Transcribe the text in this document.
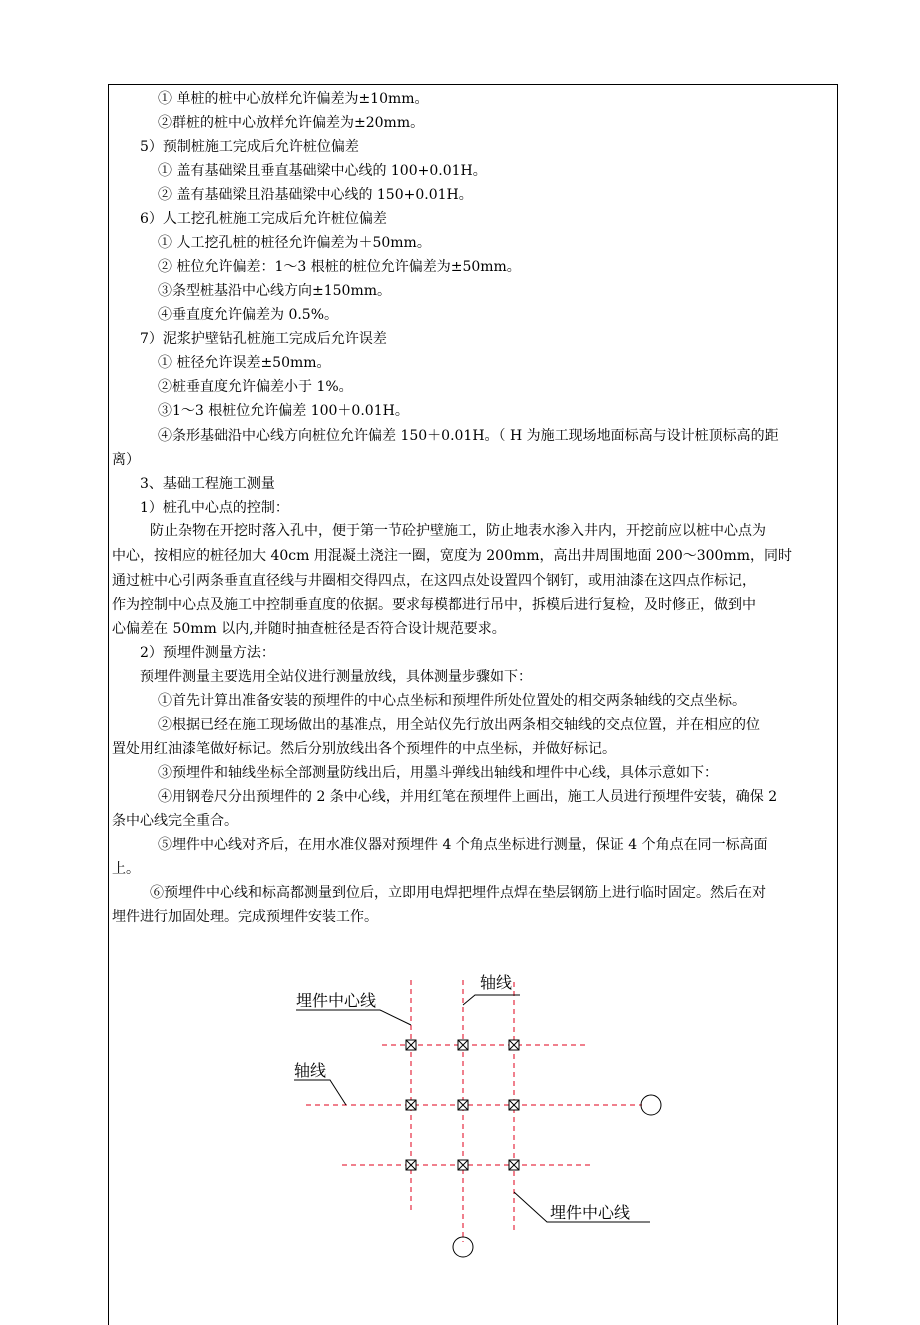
① 单桩的桩中心放样允许偏差为±10mm。
②群桩的桩中心放样允许偏差为±20mm。
5）预制桩施工完成后允许桩位偏差
① 盖有基础梁且垂直基础梁中心线的 100+0.01H。
② 盖有基础梁且沿基础梁中心线的 150+0.01H。
6）人工挖孔桩施工完成后允许桩位偏差
① 人工挖孔桩的桩径允许偏差为＋50mm。
② 桩位允许偏差：1～3 根桩的桩位允许偏差为±50mm。
③条型桩基沿中心线方向±150mm。
④垂直度允许偏差为 0.5%。
7）泥浆护壁钻孔桩施工完成后允许误差
① 桩径允许误差±50mm。
②桩垂直度允许偏差小于 1%。
③1～3 根桩位允许偏差 100＋0.01H。
④条形基础沿中心线方向桩位允许偏差 150＋0.01H。（ H 为施工现场地面标高与设计桩顶标高的距
离）
3、基础工程施工测量
1）桩孔中心点的控制：
防止杂物在开挖时落入孔中，便于第一节砼护壁施工，防止地表水渗入井内，开挖前应以桩中心点为
中心，按相应的桩径加大 40cm 用混凝土浇注一圈，宽度为 200mm，高出井周围地面 200～300mm，同时
通过桩中心引两条垂直直径线与井圈相交得四点，在这四点处设置四个钢钉，或用油漆在这四点作标记，
作为控制中心点及施工中控制垂直度的依据。要求每模都进行吊中，拆模后进行复检，及时修正，做到中
心偏差在 50mm 以内,并随时抽查桩径是否符合设计规范要求。
2）预埋件测量方法：
预埋件测量主要选用全站仪进行测量放线，具体测量步骤如下：
①首先计算出准备安装的预埋件的中心点坐标和预埋件所处位置处的相交两条轴线的交点坐标。
②根据已经在施工现场做出的基准点，用全站仪先行放出两条相交轴线的交点位置，并在相应的位
置处用红油漆笔做好标记。然后分别放线出各个预埋件的中点坐标，并做好标记。
③预埋件和轴线坐标全部测量防线出后，用墨斗弹线出轴线和埋件中心线，具体示意如下：
④用钢卷尺分出预埋件的 2 条中心线，并用红笔在预埋件上画出，施工人员进行预埋件安装，确保 2
条中心线完全重合。
⑤埋件中心线对齐后，在用水准仪器对预埋件 4 个角点坐标进行测量，保证 4 个角点在同一标高面
上。
⑥预埋件中心线和标高都测量到位后，立即用电焊把埋件点焊在垫层钢筋上进行临时固定。然后在对
埋件进行加固处理。完成预埋件安装工作。
埋件中心线
轴线
轴线
埋件中心线
